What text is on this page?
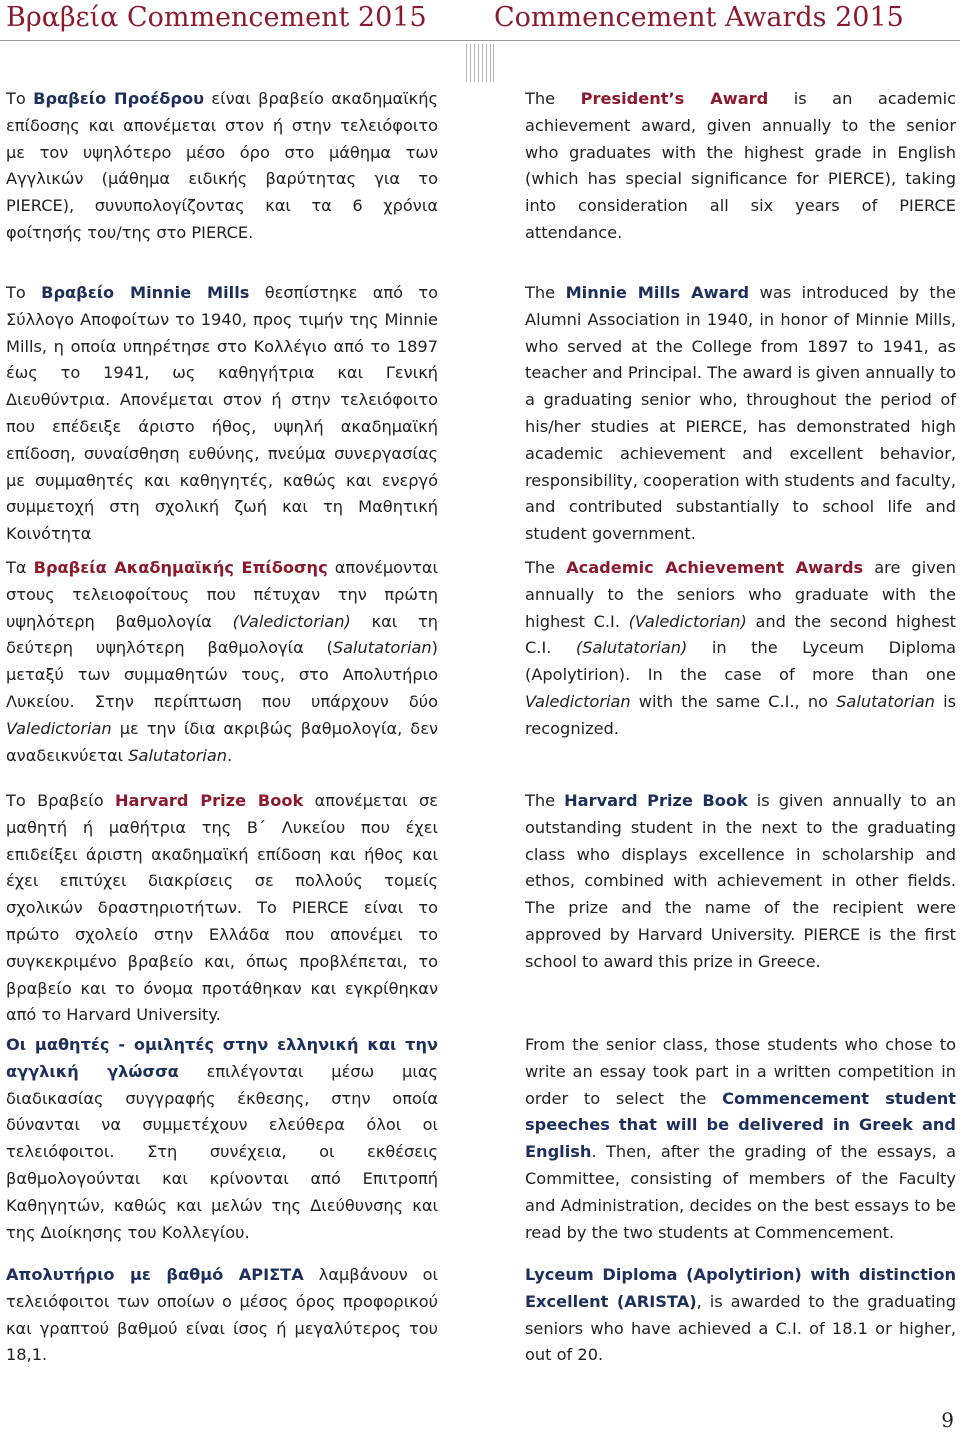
Βραβεία Commencement 2015 Commencement Awards 2015

Το Βραβείο Προέδρου είναι βραβείο ακαδημαϊκής επίδοσης και απονέμεται στον ή στην τελειόφοιτο με τον υψηλότερο μέσο όρο στο μάθημα των Αγγλικών (μάθημα ειδικής βαρύτητας για το PIERCE), συνυπολογίζοντας και τα 6 χρόνια φοίτησής του/της στο PIERCE.

Το Βραβείο Minnie Mills θεσπίστηκε από το Σύλλογο Αποφοίτων το 1940, προς τιμήν της Minnie Mills, η οποία υπηρέτησε στο Κολλέγιο από το 1897 έως το 1941, ως καθηγήτρια και Γενική Διευθύντρια. Απονέμεται στον ή στην τελειόφοιτο που επέδειξε άριστο ήθος, υψηλή ακαδημαϊκή επίδοση, συναίσθηση ευθύνης, πνεύμα συνεργασίας με συμμαθητές και καθηγητές, καθώς και ενεργό συμμετοχή στη σχολική ζωή και τη Μαθητική Κοινότητα

Τα Βραβεία Ακαδημαϊκής Επίδοσης απονέμονται στους τελειοφοίτους που πέτυχαν την πρώτη υψηλότερη βαθμολογία (Valedictorian) και τη δεύτερη υψηλότερη βαθμολογία (Salutatorian) μεταξύ των συμμαθητών τους, στο Απολυτήριο Λυκείου. Στην περίπτωση που υπάρχουν δύο Valedictorian με την ίδια ακριβώς βαθμολογία, δεν αναδεικνύεται Salutatorian.

Το Βραβείο Harvard Prize Book απονέμεται σε μαθητή ή μαθήτρια της Β΄ Λυκείου που έχει επιδείξει άριστη ακαδημαϊκή επίδοση και ήθος και έχει επιτύχει διακρίσεις σε πολλούς τομείς σχολικών δραστηριοτήτων. Το PIERCE είναι το πρώτο σχολείο στην Ελλάδα που απονέμει το συγκεκριμένο βραβείο και, όπως προβλέπεται, το βραβείο και το όνομα προτάθηκαν και εγκρίθηκαν από το Harvard University.

Οι μαθητές - ομιλητές στην ελληνική και την αγγλική γλώσσα επιλέγονται μέσω μιας διαδικασίας συγγραφής έκθεσης, στην οποία δύνανται να συμμετέχουν ελεύθερα όλοι οι τελειόφοιτοι. Στη συνέχεια, οι εκθέσεις βαθμολογούνται και κρίνονται από Επιτροπή Καθηγητών, καθώς και μελών της Διεύθυνσης και της Διοίκησης του Κολλεγίου.

Απολυτήριο με βαθμό ΑΡΙΣΤΑ λαμβάνουν οι τελειόφοιτοι των οποίων ο μέσος όρος προφορικού και γραπτού βαθμού είναι ίσος ή μεγαλύτερος του 18,1.

The President’s Award is an academic achievement award, given annually to the senior who graduates with the highest grade in English (which has special significance for PIERCE), taking into consideration all six years of PIERCE attendance.

The Minnie Mills Award was introduced by the Alumni Association in 1940, in honor of Minnie Mills, who served at the College from 1897 to 1941, as teacher and Principal. The award is given annually to a graduating senior who, throughout the period of his/her studies at PIERCE, has demonstrated high academic achievement and excellent behavior, responsibility, cooperation with students and faculty, and contributed substantially to school life and student government.

The Academic Achievement Awards are given annually to the seniors who graduate with the highest C.I. (Valedictorian) and the second highest C.I. (Salutatorian) in the Lyceum Diploma (Apolytirion). In the case of more than one Valedictorian with the same C.I., no Salutatorian is recognized.

The Harvard Prize Book is given annually to an outstanding student in the next to the graduating class who displays excellence in scholarship and ethos, combined with achievement in other fields. The prize and the name of the recipient were approved by Harvard University. PIERCE is the first school to award this prize in Greece.

From the senior class, those students who chose to write an essay took part in a written competition in order to select the Commencement student speeches that will be delivered in Greek and English. Then, after the grading of the essays, a Committee, consisting of members of the Faculty and Administration, decides on the best essays to be read by the two students at Commencement.

Lyceum Diploma (Apolytirion) with distinction Excellent (ARISTA), is awarded to the graduating seniors who have achieved a C.I. of 18.1 or higher, out of 20.

9
